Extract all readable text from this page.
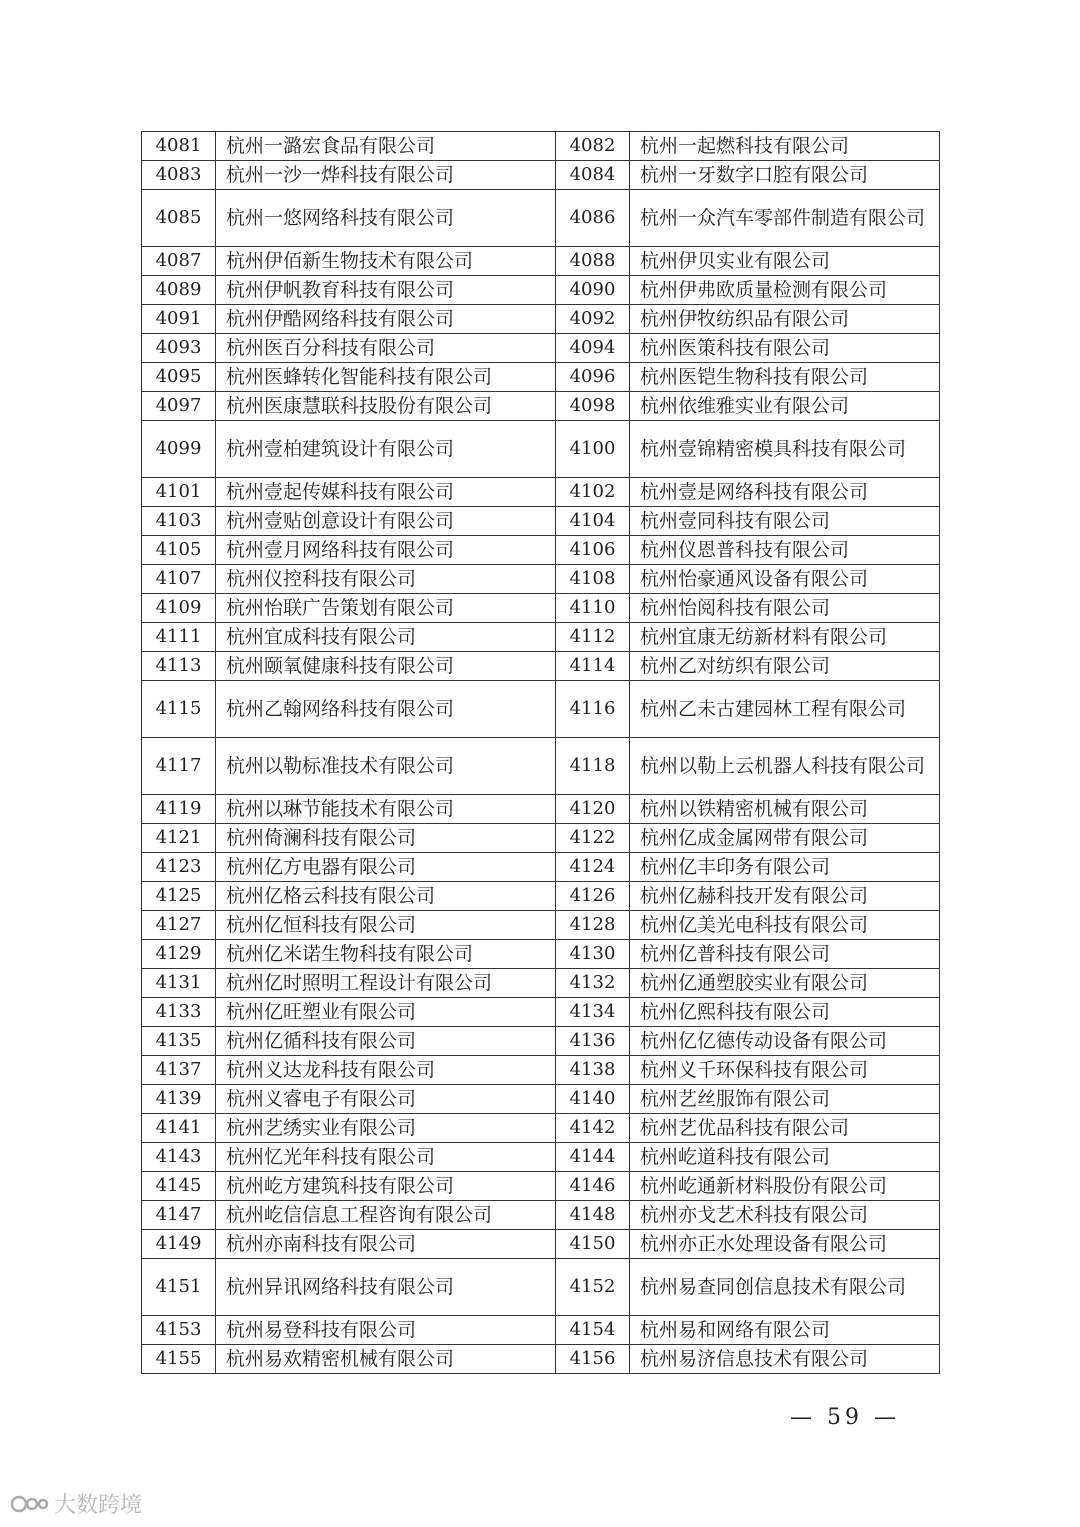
4081	杭州一潞宏食品有限公司	4082	杭州一起燃科技有限公司
4083	杭州一沙一烨科技有限公司	4084	杭州一牙数字口腔有限公司
4085	杭州一悠网络科技有限公司	4086	杭州一众汽车零部件制造有限公司
4087	杭州伊佰新生物技术有限公司	4088	杭州伊贝实业有限公司
4089	杭州伊帆教育科技有限公司	4090	杭州伊弗欧质量检测有限公司
4091	杭州伊酷网络科技有限公司	4092	杭州伊牧纺织品有限公司
4093	杭州医百分科技有限公司	4094	杭州医策科技有限公司
4095	杭州医蜂转化智能科技有限公司	4096	杭州医铠生物科技有限公司
4097	杭州医康慧联科技股份有限公司	4098	杭州依维雅实业有限公司
4099	杭州壹柏建筑设计有限公司	4100	杭州壹锦精密模具科技有限公司
4101	杭州壹起传媒科技有限公司	4102	杭州壹是网络科技有限公司
4103	杭州壹贴创意设计有限公司	4104	杭州壹同科技有限公司
4105	杭州壹月网络科技有限公司	4106	杭州仪恩普科技有限公司
4107	杭州仪控科技有限公司	4108	杭州怡豪通风设备有限公司
4109	杭州怡联广告策划有限公司	4110	杭州怡阅科技有限公司
4111	杭州宜成科技有限公司	4112	杭州宜康无纺新材料有限公司
4113	杭州颐氧健康科技有限公司	4114	杭州乙对纺织有限公司
4115	杭州乙翰网络科技有限公司	4116	杭州乙未古建园林工程有限公司
4117	杭州以勒标准技术有限公司	4118	杭州以勒上云机器人科技有限公司
4119	杭州以琳节能技术有限公司	4120	杭州以铁精密机械有限公司
4121	杭州倚澜科技有限公司	4122	杭州亿成金属网带有限公司
4123	杭州亿方电器有限公司	4124	杭州亿丰印务有限公司
4125	杭州亿格云科技有限公司	4126	杭州亿赫科技开发有限公司
4127	杭州亿恒科技有限公司	4128	杭州亿美光电科技有限公司
4129	杭州亿米诺生物科技有限公司	4130	杭州亿普科技有限公司
4131	杭州亿时照明工程设计有限公司	4132	杭州亿通塑胶实业有限公司
4133	杭州亿旺塑业有限公司	4134	杭州亿熙科技有限公司
4135	杭州亿循科技有限公司	4136	杭州亿亿德传动设备有限公司
4137	杭州义达龙科技有限公司	4138	杭州义千环保科技有限公司
4139	杭州义睿电子有限公司	4140	杭州艺丝服饰有限公司
4141	杭州艺绣实业有限公司	4142	杭州艺优品科技有限公司
4143	杭州忆光年科技有限公司	4144	杭州屹道科技有限公司
4145	杭州屹方建筑科技有限公司	4146	杭州屹通新材料股份有限公司
4147	杭州屹信信息工程咨询有限公司	4148	杭州亦戈艺术科技有限公司
4149	杭州亦南科技有限公司	4150	杭州亦正水处理设备有限公司
4151	杭州异讯网络科技有限公司	4152	杭州易查同创信息技术有限公司
4153	杭州易登科技有限公司	4154	杭州易和网络有限公司
4155	杭州易欢精密机械有限公司	4156	杭州易济信息技术有限公司
— 59 —
大数跨境
